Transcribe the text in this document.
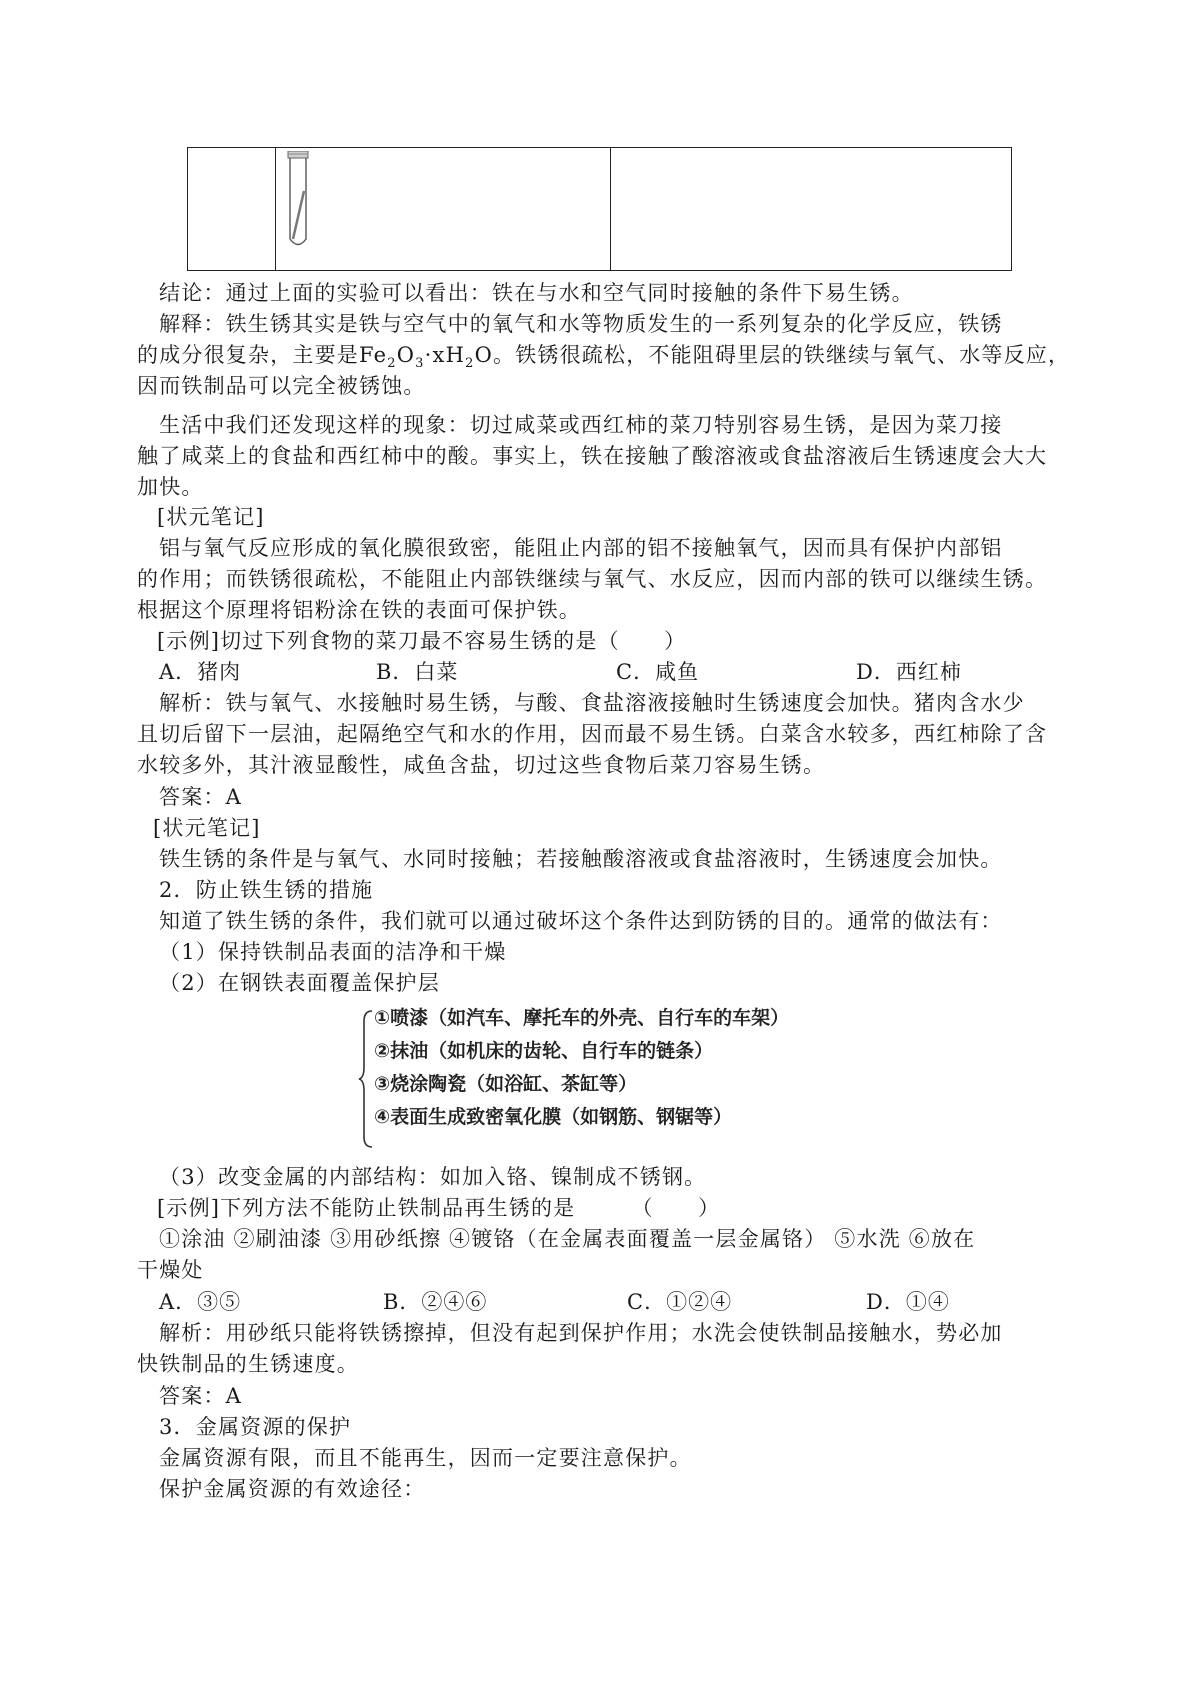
结论：通过上面的实验可以看出：铁在与水和空气同时接触的条件下易生锈。
解释：铁生锈其实是铁与空气中的氧气和水等物质发生的一系列复杂的化学反应，铁锈
的成分很复杂，主要是$Fe_2O_3\cdot xH_2O$。铁锈很疏松，不能阻碍里层的铁继续与氧气、水等反应，
因而铁制品可以完全被锈蚀。
生活中我们还发现这样的现象：切过咸菜或西红柿的菜刀特别容易生锈，是因为菜刀接
触了咸菜上的食盐和西红柿中的酸。事实上，铁在接触了酸溶液或食盐溶液后生锈速度会大大
加快。
[状元笔记]
铝与氧气反应形成的氧化膜很致密，能阻止内部的铝不接触氧气，因而具有保护内部铝
的作用；而铁锈很疏松，不能阻止内部铁继续与氧气、水反应，因而内部的铁可以继续生锈。
根据这个原理将铝粉涂在铁的表面可保护铁。
[示例]切过下列食物的菜刀最不容易生锈的是（　　）
A．猪肉	B．白菜	C．咸鱼	D．西红柿
解析：铁与氧气、水接触时易生锈，与酸、食盐溶液接触时生锈速度会加快。猪肉含水少
且切后留下一层油，起隔绝空气和水的作用，因而最不易生锈。白菜含水较多，西红柿除了含
水较多外，其汁液显酸性，咸鱼含盐，切过这些食物后菜刀容易生锈。
答案：A
[状元笔记]
铁生锈的条件是与氧气、水同时接触；若接触酸溶液或食盐溶液时，生锈速度会加快。
2．防止铁生锈的措施
知道了铁生锈的条件，我们就可以通过破坏这个条件达到防锈的目的。通常的做法有：
（1）保持铁制品表面的洁净和干燥
（2）在钢铁表面覆盖保护层
①喷漆（如汽车、摩托车的外壳、自行车的车架）
②抹油（如机床的齿轮、自行车的链条）
③烧涂陶瓷（如浴缸、茶缸等）
④表面生成致密氧化膜（如钢筋、钢锯等）
（3）改变金属的内部结构：如加入铬、镍制成不锈钢。
[示例]下列方法不能防止铁制品再生锈的是　　　（　　）
①涂油 ②刷油漆 ③用砂纸擦 ④镀铬（在金属表面覆盖一层金属铬） ⑤水洗 ⑥放在
干燥处
A．③⑤	B．②④⑥	C．①②④	D．①④
解析：用砂纸只能将铁锈擦掉，但没有起到保护作用；水洗会使铁制品接触水，势必加
快铁制品的生锈速度。
答案：A
3．金属资源的保护
金属资源有限，而且不能再生，因而一定要注意保护。
保护金属资源的有效途径：
